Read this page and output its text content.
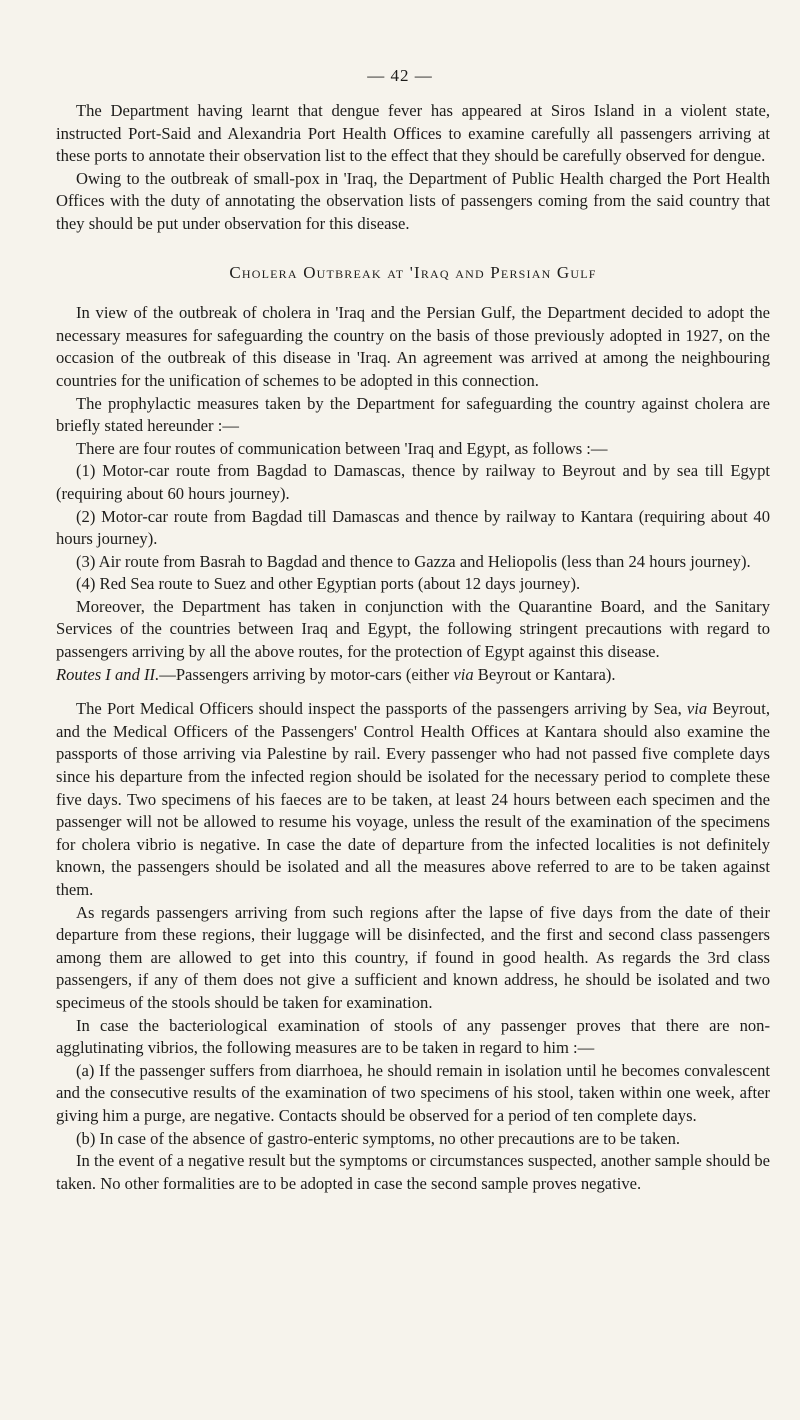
— 42 —

The Department having learnt that dengue fever has appeared at Siros Island in a violent state, instructed Port-Said and Alexandria Port Health Offices to examine carefully all passengers arriving at these ports to annotate their observation list to the effect that they should be carefully observed for dengue.

Owing to the outbreak of small-pox in 'Iraq, the Department of Public Health charged the Port Health Offices with the duty of annotating the observation lists of passengers coming from the said country that they should be put under observation for this disease.

Cholera Outbreak at 'Iraq and Persian Gulf

In view of the outbreak of cholera in 'Iraq and the Persian Gulf, the Department decided to adopt the necessary measures for safeguarding the country on the basis of those previously adopted in 1927, on the occasion of the outbreak of this disease in 'Iraq. An agreement was arrived at among the neighbouring countries for the unification of schemes to be adopted in this connection.

The prophylactic measures taken by the Department for safeguarding the country against cholera are briefly stated hereunder :—

There are four routes of communication between 'Iraq and Egypt, as follows :—

(1) Motor-car route from Bagdad to Damascas, thence by railway to Beyrout and by sea till Egypt (requiring about 60 hours journey).

(2) Motor-car route from Bagdad till Damascas and thence by railway to Kantara (requiring about 40 hours journey).

(3) Air route from Basrah to Bagdad and thence to Gazza and Heliopolis (less than 24 hours journey).

(4) Red Sea route to Suez and other Egyptian ports (about 12 days journey).

Moreover, the Department has taken in conjunction with the Quarantine Board, and the Sanitary Services of the countries between Iraq and Egypt, the following stringent precautions with regard to passengers arriving by all the above routes, for the protection of Egypt against this disease.

Routes I and II.—Passengers arriving by motor-cars (either via Beyrout or Kantara).

The Port Medical Officers should inspect the passports of the passengers arriving by Sea, via Beyrout, and the Medical Officers of the Passengers' Control Health Offices at Kantara should also examine the passports of those arriving via Palestine by rail. Every passenger who had not passed five complete days since his departure from the infected region should be isolated for the necessary period to complete these five days. Two specimens of his faeces are to be taken, at least 24 hours between each specimen and the passenger will not be allowed to resume his voyage, unless the result of the examination of the specimens for cholera vibrio is negative. In case the date of departure from the infected localities is not definitely known, the passengers should be isolated and all the measures above referred to are to be taken against them.

As regards passengers arriving from such regions after the lapse of five days from the date of their departure from these regions, their luggage will be disinfected, and the first and second class passengers among them are allowed to get into this country, if found in good health. As regards the 3rd class passengers, if any of them does not give a sufficient and known address, he should be isolated and two specimeus of the stools should be taken for examination.

In case the bacteriological examination of stools of any passenger proves that there are non-agglutinating vibrios, the following measures are to be taken in regard to him :—

(a) If the passenger suffers from diarrhoea, he should remain in isolation until he becomes convalescent and the consecutive results of the examination of two specimens of his stool, taken within one week, after giving him a purge, are negative. Contacts should be observed for a period of ten complete days.

(b) In case of the absence of gastro-enteric symptoms, no other precautions are to be taken.

In the event of a negative result but the symptoms or circumstances suspected, another sample should be taken. No other formalities are to be adopted in case the second sample proves negative.
